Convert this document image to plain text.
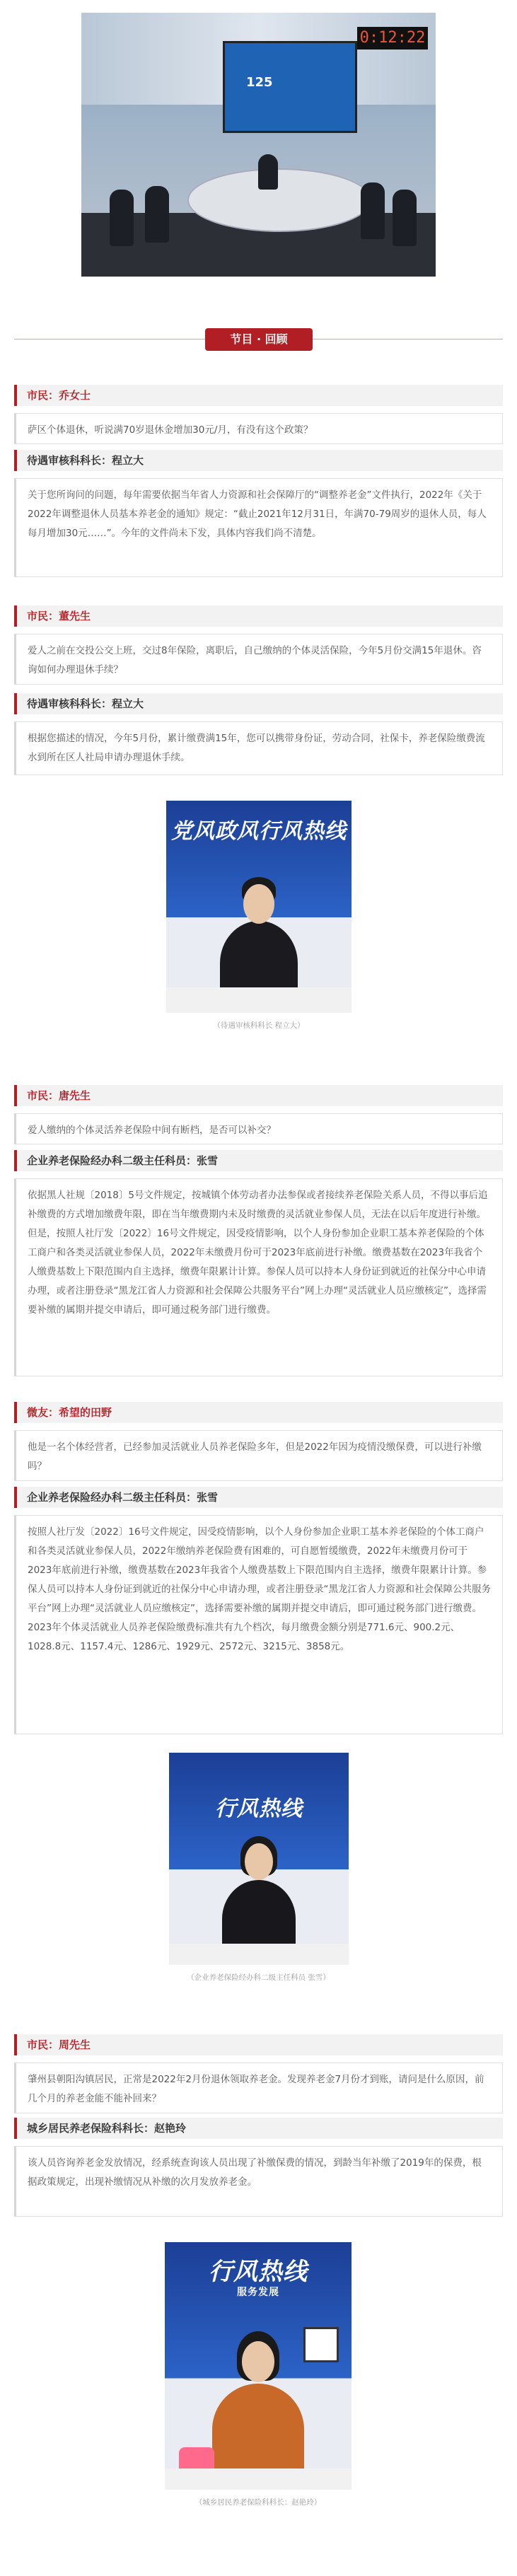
125
0:12:22
节目 · 回顾
市民：乔女士
萨区个体退休，听说满70岁退休金增加30元/月，有没有这个政策？
待遇审核科科长：程立大
关于您所询问的问题，每年需要依据当年省人力资源和社会保障厅的“调整养老金”文件执行，2022年《关于2022年调整退休人员基本养老金的通知》规定：“截止2021年12月31日，年满70-79周岁的退休人员，每人每月增加30元……”。今年的文件尚未下发，具体内容我们尚不清楚。
市民：董先生
爱人之前在交投公交上班，交过8年保险，离职后，自己缴纳的个体灵活保险，今年5月份交满15年退休。咨询如何办理退休手续？
待遇审核科科长：程立大
根据您描述的情况，今年5月份，累计缴费满15年，您可以携带身份证，劳动合同，社保卡，养老保险缴费流水到所在区人社局申请办理退休手续。
党风政风行风热线
（待遇审核科科长 程立大）
市民：唐先生
爱人缴纳的个体灵活养老保险中间有断档，是否可以补交？
企业养老保险经办科二级主任科员：张雪
依据黑人社规〔2018〕5号文件规定，按城镇个体劳动者办法参保或者接续养老保险关系人员，不得以事后追补缴费的方式增加缴费年限，即在当年缴费期内未及时缴费的灵活就业参保人员，无法在以后年度进行补缴。但是，按照人社厅发〔2022〕16号文件规定，因受疫情影响，以个人身份参加企业职工基本养老保险的个体工商户和各类灵活就业参保人员，2022年未缴费月份可于2023年底前进行补缴。缴费基数在2023年我省个人缴费基数上下限范围内自主选择，缴费年限累计计算。参保人员可以持本人身份证到就近的社保分中心申请办理，或者注册登录“黑龙江省人力资源和社会保障公共服务平台”网上办理“灵活就业人员应缴核定”，选择需要补缴的属期并提交申请后，即可通过税务部门进行缴费。
微友：希望的田野
他是一名个体经营者，已经参加灵活就业人员养老保险多年，但是2022年因为疫情没缴保费，可以进行补缴吗？
企业养老保险经办科二级主任科员：张雪
按照人社厅发〔2022〕16号文件规定，因受疫情影响，以个人身份参加企业职工基本养老保险的个体工商户和各类灵活就业参保人员，2022年缴纳养老保险费有困难的，可自愿暂缓缴费，2022年未缴费月份可于2023年底前进行补缴，缴费基数在2023年我省个人缴费基数上下限范围内自主选择，缴费年限累计计算。参保人员可以持本人身份证到就近的社保分中心申请办理，或者注册登录“黑龙江省人力资源和社会保障公共服务平台”网上办理“灵活就业人员应缴核定”，选择需要补缴的属期并提交申请后，即可通过税务部门进行缴费。2023年个体灵活就业人员养老保险缴费标准共有九个档次，每月缴费金额分别是771.6元、900.2元、1028.8元、1157.4元、1286元、1929元、2572元、3215元、3858元。
行风热线
（企业养老保险经办科二级主任科员 张雪）
市民：周先生
肇州县朝阳沟镇居民，正常是2022年2月份退休领取养老金。发现养老金7月份才到账，请问是什么原因，前几个月的养老金能不能补回来？
城乡居民养老保险科科长：赵艳玲
该人员咨询养老金发放情况，经系统查询该人员出现了补缴保费的情况，到龄当年补缴了2019年的保费，根据政策规定，出现补缴情况从补缴的次月发放养老金。
行风热线
服务发展
（城乡居民养老保险科科长：赵艳玲）
